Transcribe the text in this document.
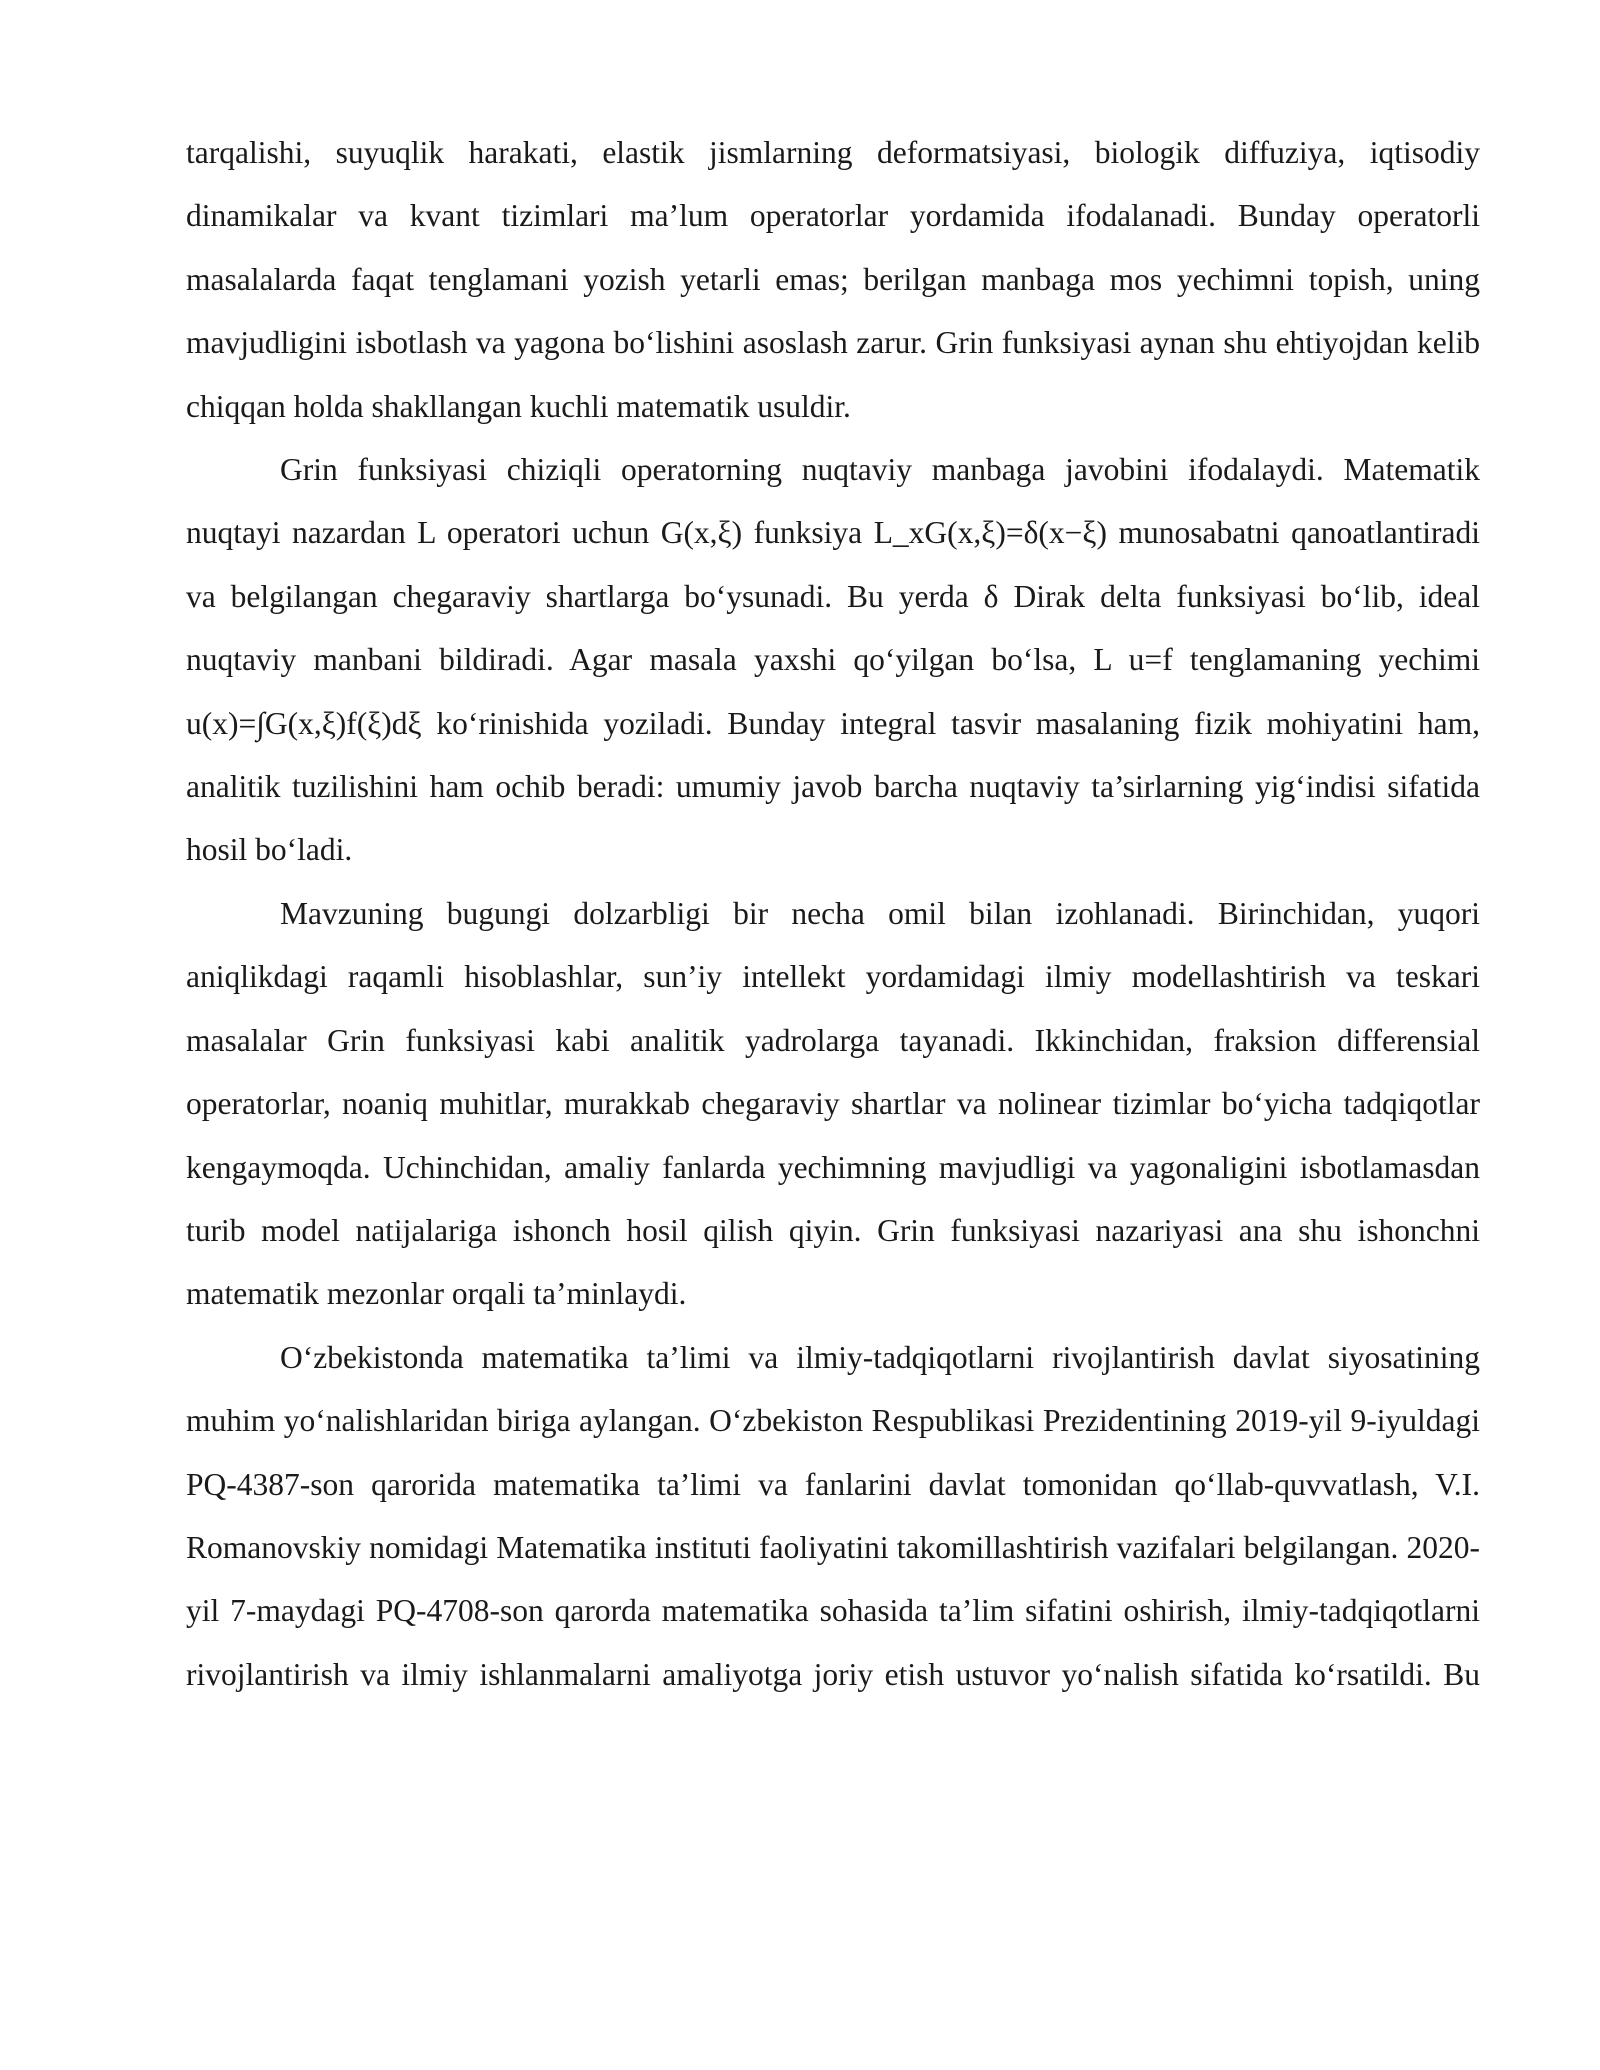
tarqalishi, suyuqlik harakati, elastik jismlarning deformatsiyasi, biologik diffuziya, iqtisodiy dinamikalar va kvant tizimlari ma’lum operatorlar yordamida ifodalanadi. Bunday operatorli masalalarda faqat tenglamani yozish yetarli emas; berilgan manbaga mos yechimni topish, uning mavjudligini isbotlash va yagona bo‘lishini asoslash zarur. Grin funksiyasi aynan shu ehtiyojdan kelib chiqqan holda shakllangan kuchli matematik usuldir.

Grin funksiyasi chiziqli operatorning nuqtaviy manbaga javobini ifodalaydi. Matematik nuqtayi nazardan L operatori uchun G(x,ξ) funksiya L_xG(x,ξ)=δ(x−ξ) munosabatni qanoatlantiradi va belgilangan chegaraviy shartlarga bo‘ysunadi. Bu yerda δ Dirak delta funksiyasi bo‘lib, ideal nuqtaviy manbani bildiradi. Agar masala yaxshi qo‘yilgan bo‘lsa, L u=f tenglamaning yechimi u(x)=∫G(x,ξ)f(ξ)dξ ko‘rinishida yoziladi. Bunday integral tasvir masalaning fizik mohiyatini ham, analitik tuzilishini ham ochib beradi: umumiy javob barcha nuqtaviy ta’sirlarning yig‘indisi sifatida hosil bo‘ladi.

Mavzuning bugungi dolzarbligi bir necha omil bilan izohlanadi. Birinchidan, yuqori aniqlikdagi raqamli hisoblashlar, sun’iy intellekt yordamidagi ilmiy modellashtirish va teskari masalalar Grin funksiyasi kabi analitik yadrolarga tayanadi. Ikkinchidan, fraksion differensial operatorlar, noaniq muhitlar, murakkab chegaraviy shartlar va nolinear tizimlar bo‘yicha tadqiqotlar kengaymoqda. Uchinchidan, amaliy fanlarda yechimning mavjudligi va yagonaligini isbotlamasdan turib model natijalariga ishonch hosil qilish qiyin. Grin funksiyasi nazariyasi ana shu ishonchni matematik mezonlar orqali ta’minlaydi.

O‘zbekistonda matematika ta’limi va ilmiy-tadqiqotlarni rivojlantirish davlat siyosatining muhim yo‘nalishlaridan biriga aylangan. O‘zbekiston Respublikasi Prezidentining 2019-yil 9-iyuldagi PQ-4387-son qarorida matematika ta’limi va fanlarini davlat tomonidan qo‘llab-quvvatlash, V.I. Romanovskiy nomidagi Matematika instituti faoliyatini takomillashtirish vazifalari belgilangan. 2020-yil 7-maydagi PQ-4708-son qarorda matematika sohasida ta’lim sifatini oshirish, ilmiy-tadqiqotlarni rivojlantirish va ilmiy ishlanmalarni amaliyotga joriy etish ustuvor yo‘nalish sifatida ko‘rsatildi. Bu
